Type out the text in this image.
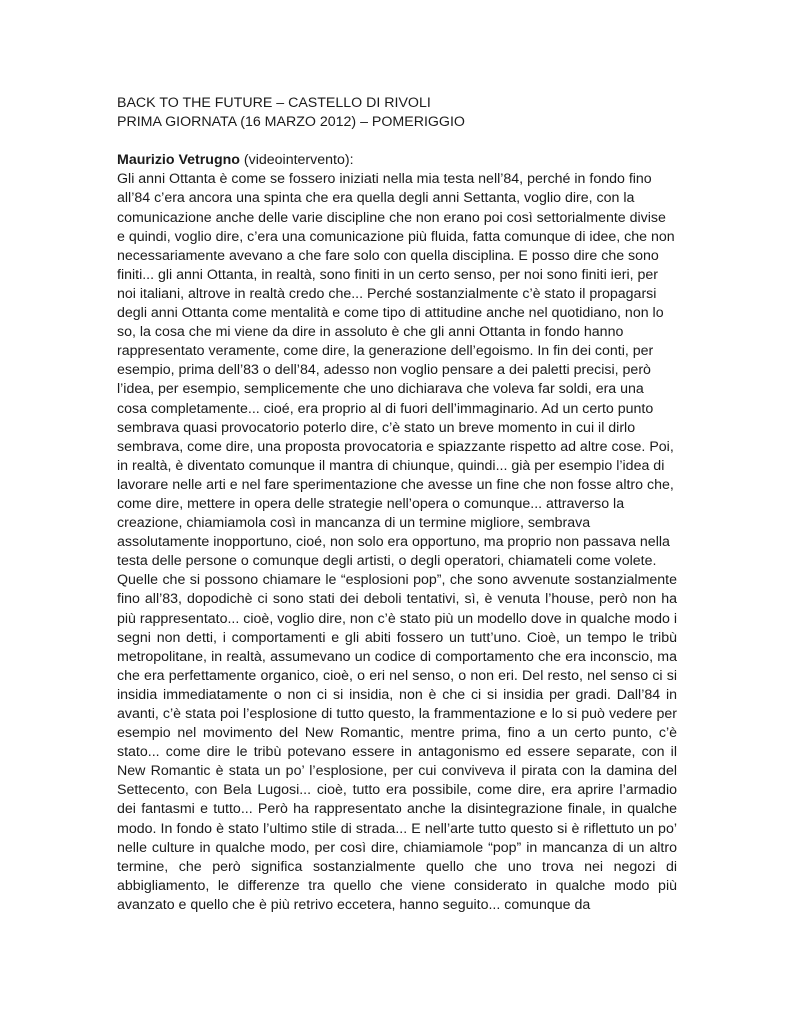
BACK TO THE FUTURE – CASTELLO DI RIVOLI

PRIMA GIORNATA (16 MARZO 2012) – POMERIGGIO

Maurizio Vetrugno (videointervento):

Gli anni Ottanta è come se fossero iniziati nella mia testa nell’84, perché in fondo fino all’84 c’era ancora una spinta che era quella degli anni Settanta, voglio dire, con la comunicazione anche delle varie discipline che non erano poi così settorialmente divise e quindi, voglio dire, c’era una comunicazione più fluida, fatta comunque di idee, che non necessariamente avevano a che fare solo con quella disciplina. E posso dire che sono finiti... gli anni Ottanta, in realtà, sono finiti in un certo senso, per noi sono finiti ieri, per noi italiani, altrove in realtà credo che... Perché sostanzialmente c’è stato il propagarsi degli anni Ottanta come mentalità e come tipo di attitudine anche nel quotidiano, non lo so, la cosa che mi viene da dire in assoluto è che gli anni Ottanta in fondo hanno rappresentato veramente, come dire, la generazione dell’egoismo. In fin dei conti, per esempio, prima dell’83 o dell’84, adesso non voglio pensare a dei paletti precisi, però l’idea, per esempio, semplicemente che uno dichiarava che voleva far soldi, era una cosa completamente... cioé, era proprio al di fuori dell’immaginario. Ad un certo punto sembrava quasi provocatorio poterlo dire, c’è stato un breve momento in cui il dirlo sembrava, come dire, una proposta provocatoria e spiazzante rispetto ad altre cose. Poi, in realtà, è diventato comunque il mantra di chiunque, quindi... già per esempio l’idea di lavorare nelle arti e nel fare sperimentazione che avesse un fine che non fosse altro che, come dire, mettere in opera delle strategie nell’opera o comunque... attraverso la creazione, chiamiamola così in mancanza di un termine migliore, sembrava assolutamente inopportuno, cioé, non solo era opportuno, ma proprio non passava nella testa delle persone o comunque degli artisti, o degli operatori, chiamateli come volete.

Quelle che si possono chiamare le “esplosioni pop”, che sono avvenute sostanzialmente fino all’83, dopodichè ci sono stati dei deboli tentativi, sì, è venuta l’house, però non ha più rappresentato... cioè, voglio dire, non c’è stato più un modello dove in qualche modo i segni non detti, i comportamenti e gli abiti fossero un tutt’uno. Cioè, un tempo le tribù metropolitane, in realtà, assumevano un codice di comportamento che era inconscio, ma che era perfettamente organico, cioè, o eri nel senso, o non eri. Del resto, nel senso ci si insidia immediatamente o non ci si insidia, non è che ci si insidia per gradi. Dall’84 in avanti, c’è stata poi l’esplosione di tutto questo, la frammentazione e lo si può vedere per esempio nel movimento del New Romantic, mentre prima, fino a un certo punto, c’è stato... come dire le tribù potevano essere in antagonismo ed essere separate, con il New Romantic è stata un po’ l’esplosione, per cui conviveva il pirata con la damina del Settecento, con Bela Lugosi... cioè, tutto era possibile, come dire, era aprire l’armadio dei fantasmi e tutto... Però ha rappresentato anche la disintegrazione finale, in qualche modo. In fondo è stato l’ultimo stile di strada... E nell’arte tutto questo si è riflettuto un po’ nelle culture in qualche modo, per così dire, chiamiamole “pop” in mancanza di un altro termine, che però significa sostanzialmente quello che uno trova nei negozi di abbigliamento, le differenze tra quello che viene considerato in qualche modo più avanzato e quello che è più retrivo eccetera, hanno seguito... comunque da
